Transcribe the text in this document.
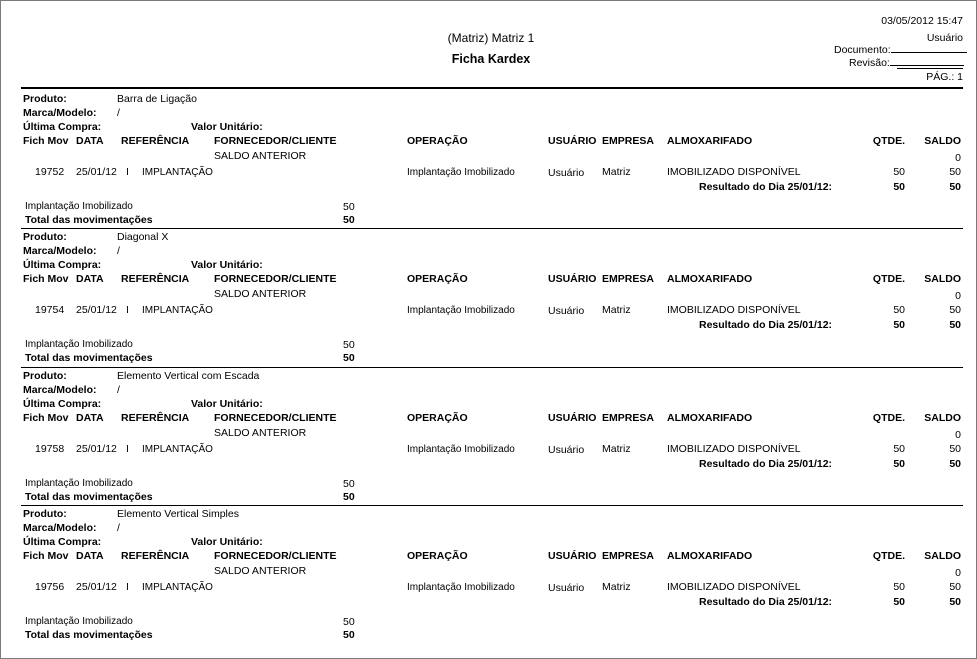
03/05/2012 15:47
Usuário
(Matriz) Matriz 1
Ficha Kardex
Documento:
Revisão:
PÁG.: 1
Produto:	Barra de Ligação
Marca/Modelo: /
Última Compra:	Valor Unitário:
Fich Mov DATA REFERÊNCIA FORNECEDOR/CLIENTE	OPERAÇÃO	USUÁRIO EMPRESA ALMOXARIFADO	QTDE. SALDO
SALDO ANTERIOR	0
19752 25/01/12 I IMPLANTAÇÃO	Implantação Imobilizado	Usuário Matriz	IMOBILIZADO DISPONÍVEL	50	50
Resultado do Dia 25/01/12:	50	50
Implantação Imobilizado	50
Total das movimentações	50
Produto:	Diagonal X
Marca/Modelo: /
Última Compra:	Valor Unitário:
Fich Mov DATA REFERÊNCIA FORNECEDOR/CLIENTE	OPERAÇÃO	USUÁRIO EMPRESA ALMOXARIFADO	QTDE. SALDO
SALDO ANTERIOR	0
19754 25/01/12 I IMPLANTAÇÃO	Implantação Imobilizado	Usuário Matriz	IMOBILIZADO DISPONÍVEL	50	50
Resultado do Dia 25/01/12:	50	50
Implantação Imobilizado	50
Total das movimentações	50
Produto:	Elemento Vertical com Escada
Marca/Modelo: /
Última Compra:	Valor Unitário:
Fich Mov DATA REFERÊNCIA FORNECEDOR/CLIENTE	OPERAÇÃO	USUÁRIO EMPRESA ALMOXARIFADO	QTDE. SALDO
SALDO ANTERIOR	0
19758 25/01/12 I IMPLANTAÇÃO	Implantação Imobilizado	Usuário Matriz	IMOBILIZADO DISPONÍVEL	50	50
Resultado do Dia 25/01/12:	50	50
Implantação Imobilizado	50
Total das movimentações	50
Produto:	Elemento Vertical Simples
Marca/Modelo: /
Última Compra:	Valor Unitário:
Fich Mov DATA REFERÊNCIA FORNECEDOR/CLIENTE	OPERAÇÃO	USUÁRIO EMPRESA ALMOXARIFADO	QTDE. SALDO
SALDO ANTERIOR	0
19756 25/01/12 I IMPLANTAÇÃO	Implantação Imobilizado	Usuário Matriz	IMOBILIZADO DISPONÍVEL	50	50
Resultado do Dia 25/01/12:	50	50
Implantação Imobilizado	50
Total das movimentações	50
